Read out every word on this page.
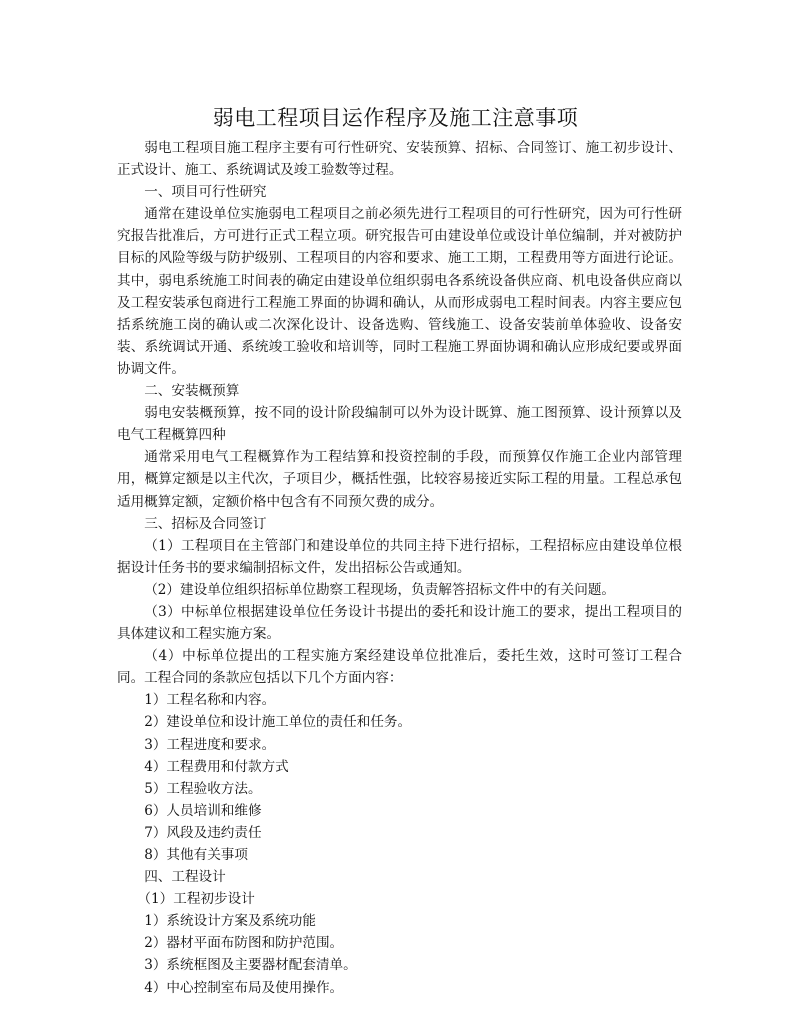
弱电工程项目运作程序及施工注意事项

弱电工程项目施工程序主要有可行性研究、安装预算、招标、合同签订、施工初步设计、正式设计、施工、系统调试及竣工验数等过程。

一、项目可行性研究

通常在建设单位实施弱电工程项目之前必须先进行工程项目的可行性研究，因为可行性研究报告批准后，方可进行正式工程立项。研究报告可由建设单位或设计单位编制，并对被防护目标的风险等级与防护级别、工程项目的内容和要求、施工工期，工程费用等方面进行论证。其中，弱电系统施工时间表的确定由建设单位组织弱电各系统设备供应商、机电设备供应商以及工程安装承包商进行工程施工界面的协调和确认，从而形成弱电工程时间表。内容主要应包括系统施工岗的确认或二次深化设计、设备选购、管线施工、设备安装前单体验收、设备安装、系统调试开通、系统竣工验收和培训等，同时工程施工界面协调和确认应形成纪要或界面协调文件。

二、安装概预算

弱电安装概预算，按不同的设计阶段编制可以外为设计既算、施工图预算、设计预算以及电气工程概算四种

通常采用电气工程概算作为工程结算和投资控制的手段，而预算仅作施工企业内部管理用，概算定额是以主代次，子项目少，概括性强，比较容易接近实际工程的用量。工程总承包适用概算定额，定额价格中包含有不同预欠费的成分。

三、招标及合同签订

（1）工程项目在主管部门和建设单位的共同主持下进行招标，工程招标应由建设单位根据设计任务书的要求编制招标文件，发出招标公告或通知。

（2）建设单位组织招标单位勘察工程现场，负责解答招标文件中的有关问题。

（3）中标单位根据建设单位任务设计书提出的委托和设计施工的要求，提出工程项目的具体建议和工程实施方案。

（4）中标单位提出的工程实施方案经建设单位批准后，委托生效，这时可签订工程合同。工程合同的条款应包括以下几个方面内容：

1）工程名称和内容。

2）建设单位和设计施工单位的责任和任务。

3）工程进度和要求。

4）工程费用和付款方式

5）工程验收方法。

6）人员培训和维修

7）风段及违约责任

8）其他有关事项

四、工程设计

（1）工程初步设计

1）系统设计方案及系统功能

2）器材平面布防图和防护范围。

3）系统框图及主要器材配套清单。

4）中心控制室布局及使用操作。
